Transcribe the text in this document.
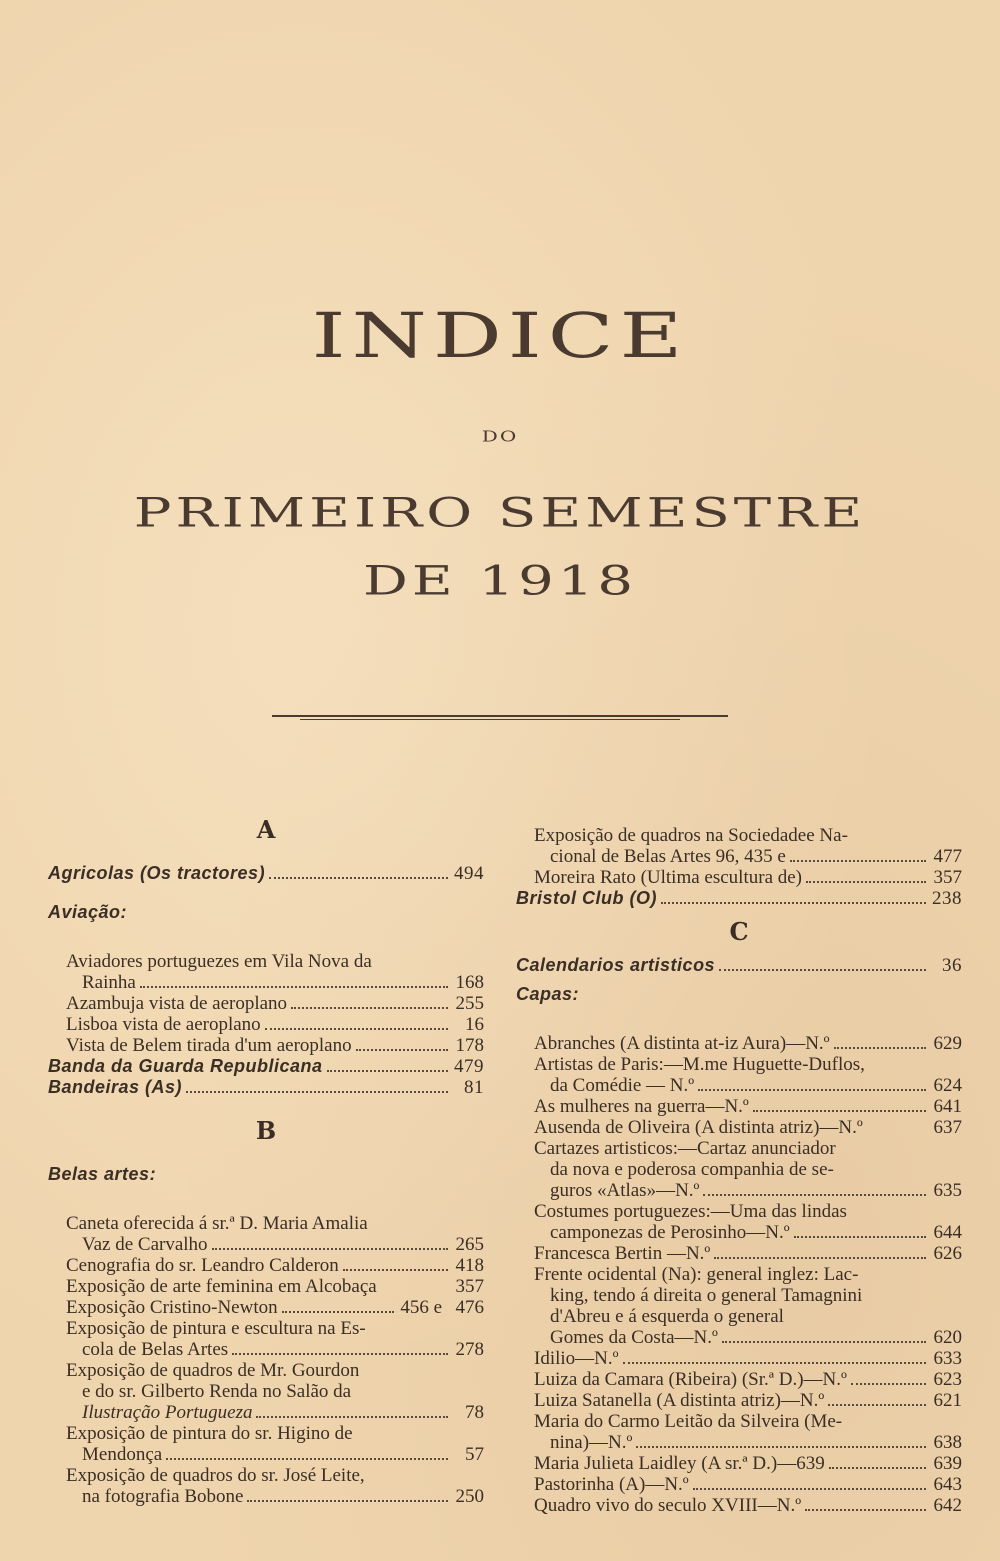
INDICE
DO
PRIMEIRO SEMESTRE
DE 1918
A
Agricolas (Os tractores)	494
Aviação:
Aviadores portuguezes em Vila Nova da
Rainha	168
Azambuja vista de aeroplano	255
Lisboa vista de aeroplano	16
Vista de Belem tirada d'um aeroplano	178
Banda da Guarda Republicana	479
Bandeiras (As)	81
B
Belas artes:
Caneta oferecida á sr.ª D. Maria Amalia
Vaz de Carvalho	265
Cenografia do sr. Leandro Calderon	418
Exposição de arte feminina em Alcobaça	357
Exposição Cristino-Newton	456 e 476
Exposição de pintura e escultura na Es-
cola de Belas Artes	278
Exposição de quadros de Mr. Gourdon
e do sr. Gilberto Renda no Salão da
Ilustração Portugueza	78
Exposição de pintura do sr. Higino de
Mendonça	57
Exposição de quadros do sr. José Leite,
na fotografia Bobone	250
Exposição de quadros na Sociedadee Na-
cional de Belas Artes 96, 435 e	477
Moreira Rato (Ultima escultura de)	357
Bristol Club (O)	238
C
Calendarios artisticos	36
Capas:
Abranches (A distinta at-iz Aura)—N.º	629
Artistas de Paris:—M.me Huguette-Duflos,
da Comédie — N.º	624
As mulheres na guerra—N.º	641
Ausenda de Oliveira (A distinta atriz)—N.º	637
Cartazes artisticos:—Cartaz anunciador
da nova e poderosa companhia de se-
guros «Atlas»—N.º	635
Costumes portuguezes:—Uma das lindas
camponezas de Perosinho—N.º	644
Francesca Bertin —N.º	626
Frente ocidental (Na): general inglez: Lac-
king, tendo á direita o general Tamagnini
d'Abreu e á esquerda o general
Gomes da Costa—N.º	620
Idilio—N.º	633
Luiza da Camara (Ribeira) (Sr.ª D.)—N.º	623
Luiza Satanella (A distinta atriz)—N.º	621
Maria do Carmo Leitão da Silveira (Me-
nina)—N.º	638
Maria Julieta Laidley (A sr.ª D.)—639	639
Pastorinha (A)—N.º	643
Quadro vivo do seculo XVIII—N.º	642
